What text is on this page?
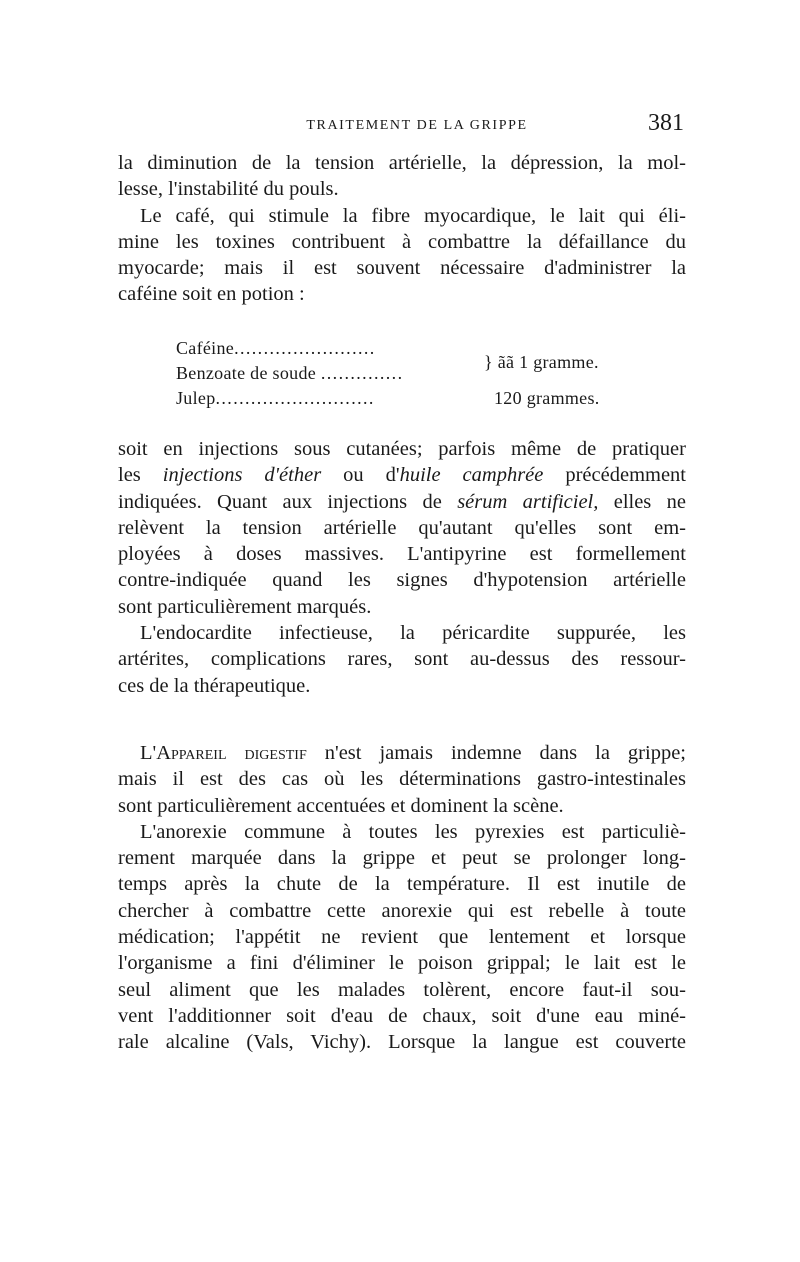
TRAITEMENT DE LA GRIPPE	381
la diminution de la tension artérielle, la dépression, la mol-
lesse, l'instabilité du pouls.
Le café, qui stimule la fibre myocardique, le lait qui éli-
mine les toxines contribuent à combattre la défaillance du
myocarde; mais il est souvent nécessaire d'administrer la
caféine soit en potion :
Caféine........................
Benzoate de soude ..............
} ãã 1 gramme.
Julep...........................	120 grammes.
soit en injections sous cutanées; parfois même de pratiquer
les injections d'éther ou d'huile camphrée précédemment
indiquées. Quant aux injections de sérum artificiel, elles ne
relèvent la tension artérielle qu'autant qu'elles sont em-
ployées à doses massives. L'antipyrine est formellement
contre-indiquée quand les signes d'hypotension artérielle
sont particulièrement marqués.
L'endocardite infectieuse, la péricardite suppurée, les
artérites, complications rares, sont au-dessus des ressour-
ces de la thérapeutique.
L'Appareil digestif n'est jamais indemne dans la grippe;
mais il est des cas où les déterminations gastro-intestinales
sont particulièrement accentuées et dominent la scène.
L'anorexie commune à toutes les pyrexies est particuliè-
rement marquée dans la grippe et peut se prolonger long-
temps après la chute de la température. Il est inutile de
chercher à combattre cette anorexie qui est rebelle à toute
médication; l'appétit ne revient que lentement et lorsque
l'organisme a fini d'éliminer le poison grippal; le lait est le
seul aliment que les malades tolèrent, encore faut-il sou-
vent l'additionner soit d'eau de chaux, soit d'une eau miné-
rale alcaline (Vals, Vichy). Lorsque la langue est couverte
